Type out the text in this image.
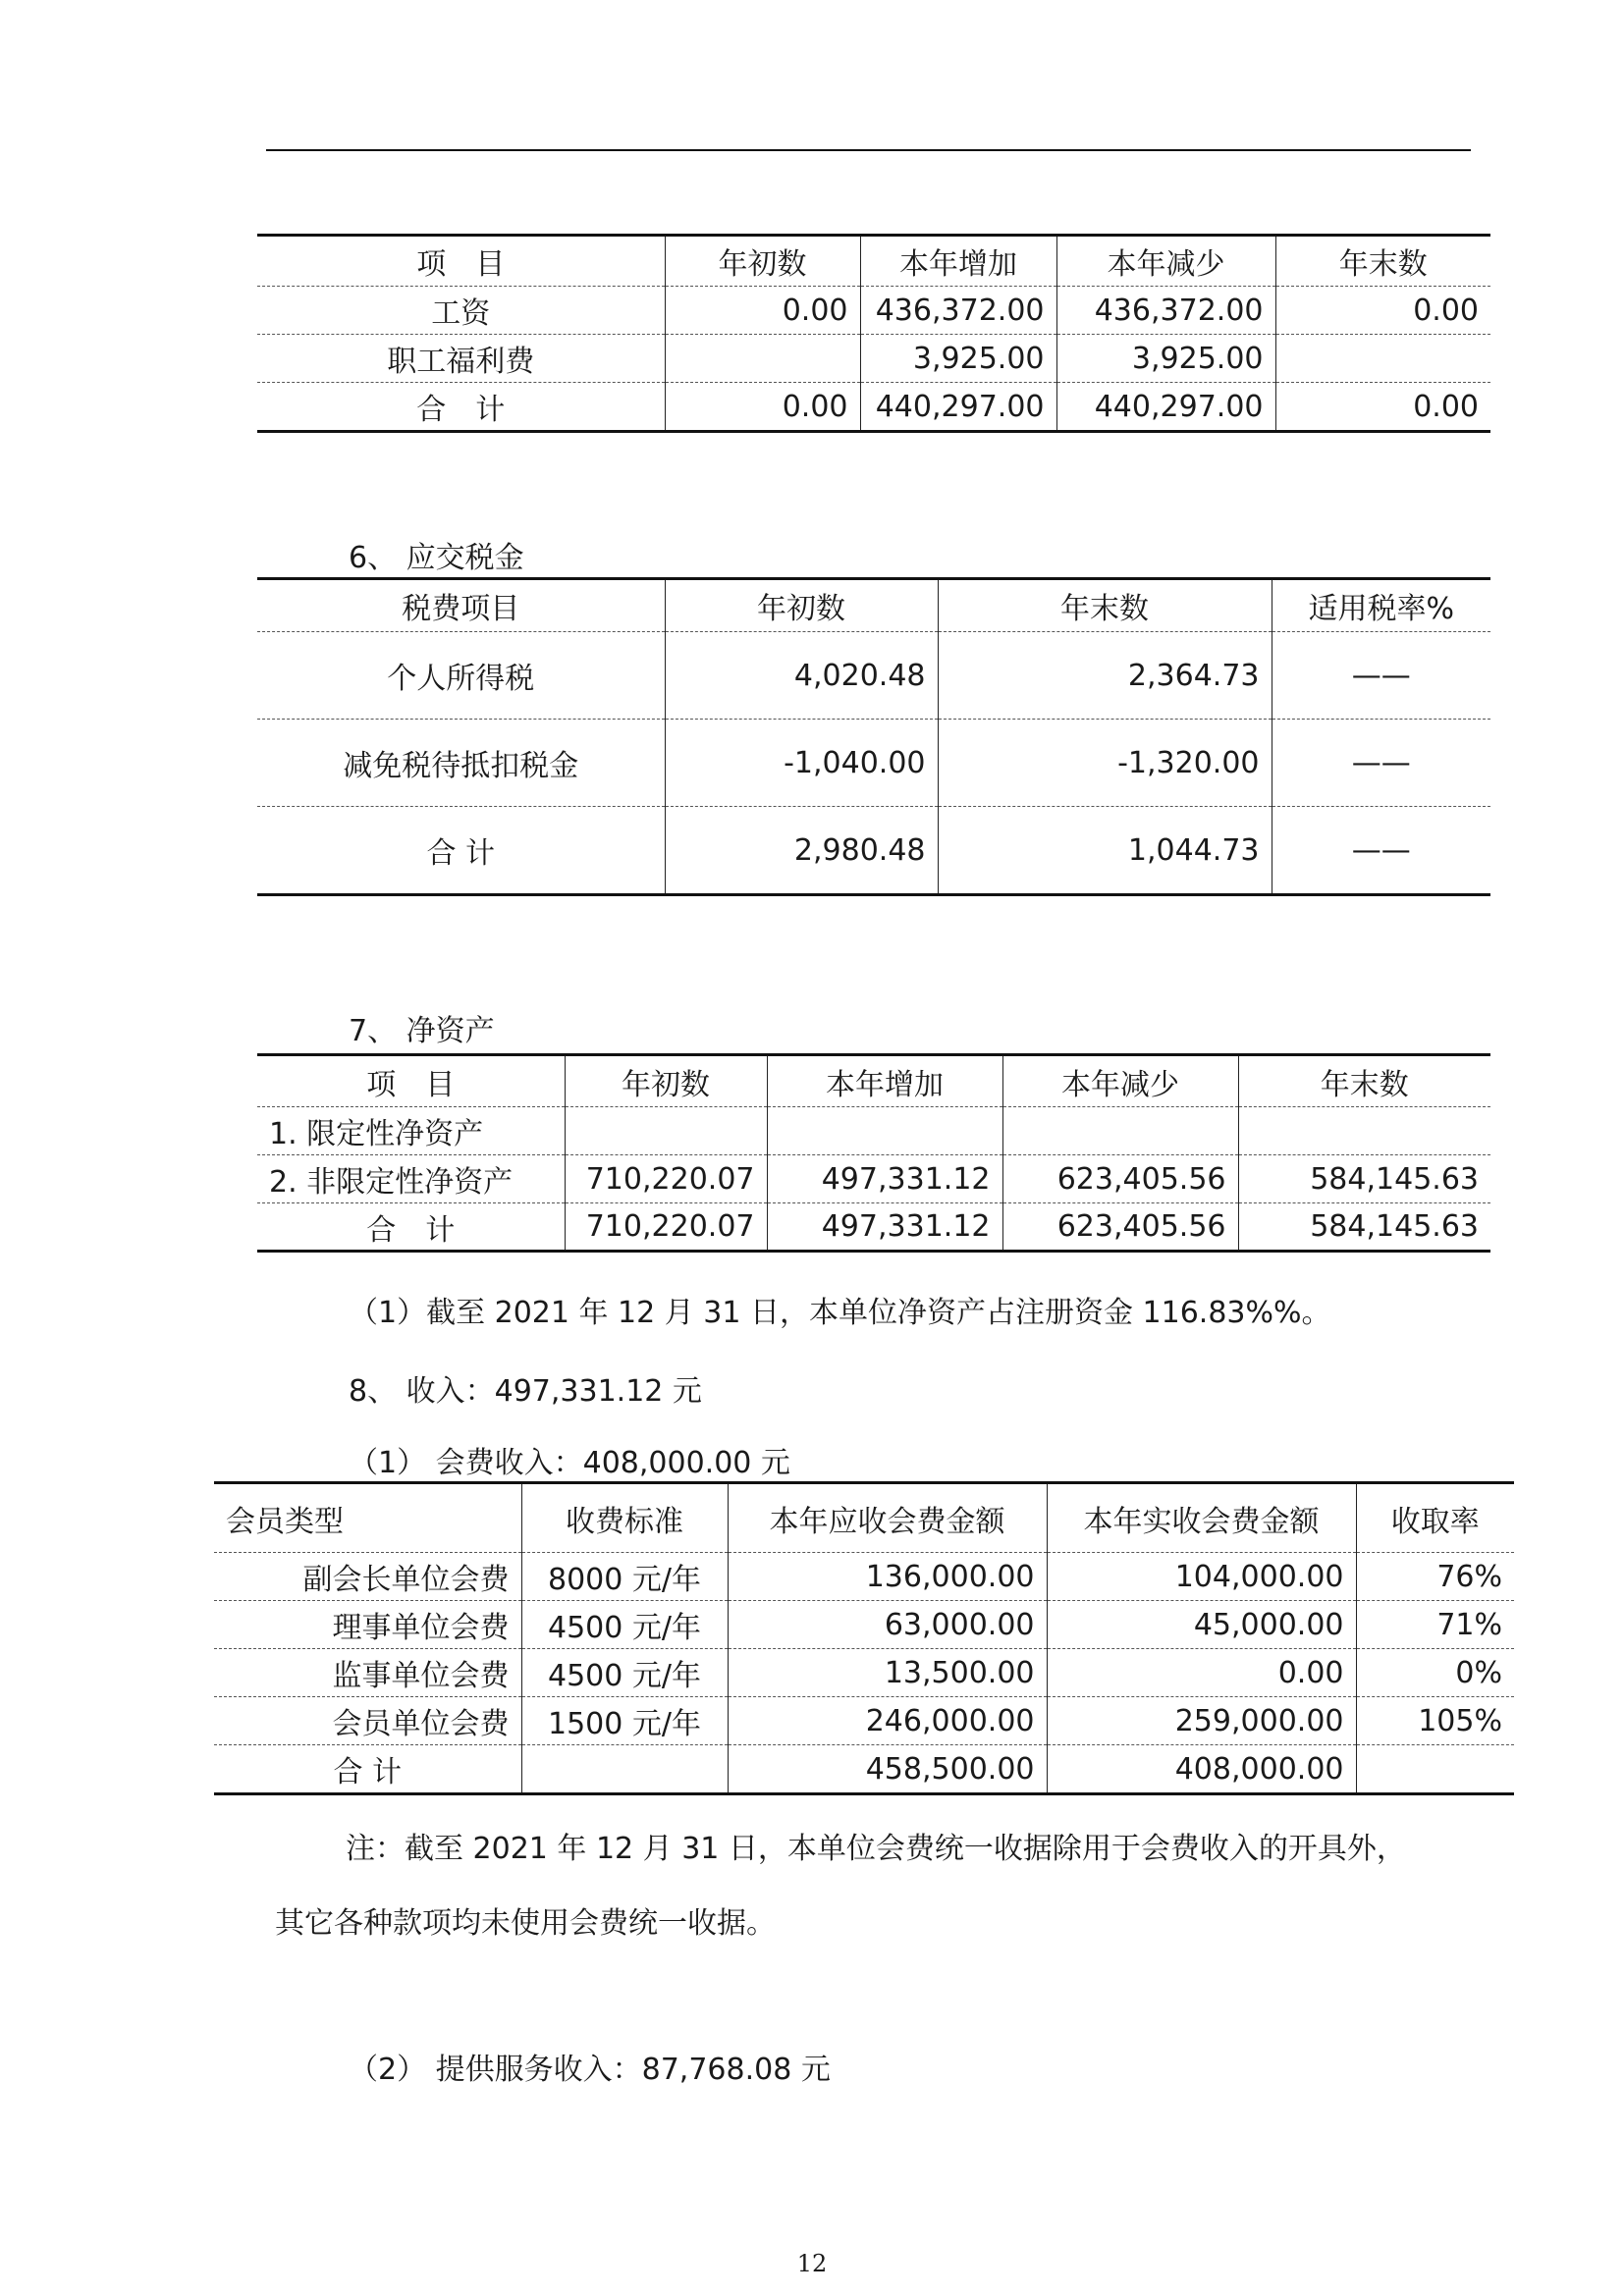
项　目	年初数	本年增加	本年减少	年末数
工资	0.00	436,372.00	436,372.00	0.00
职工福利费		3,925.00	3,925.00	
合　计	0.00	440,297.00	440,297.00	0.00
6、 应交税金
税费项目	年初数	年末数	适用税率%
个人所得税	4,020.48	2,364.73	——
减免税待抵扣税金	-1,040.00	-1,320.00	——
合 计	2,980.48	1,044.73	——
7、 净资产
项　目	年初数	本年增加	本年减少	年末数
1. 限定性净资产				
2. 非限定性净资产	710,220.07	497,331.12	623,405.56	584,145.63
合　计	710,220.07	497,331.12	623,405.56	584,145.63
（1）截至 2021 年 12 月 31 日，本单位净资产占注册资金 116.83%%。
8、 收入：497,331.12 元
（1） 会费收入：408,000.00 元
会员类型	收费标准	本年应收会费金额	本年实收会费金额	收取率
副会长单位会费	8000 元/年	136,000.00	104,000.00	76%
理事单位会费	4500 元/年	63,000.00	45,000.00	71%
监事单位会费	4500 元/年	13,500.00	0.00	0%
会员单位会费	1500 元/年	246,000.00	259,000.00	105%
合 计		458,500.00	408,000.00	
注：截至 2021 年 12 月 31 日，本单位会费统一收据除用于会费收入的开具外，
其它各种款项均未使用会费统一收据。
（2） 提供服务收入：87,768.08 元
12
